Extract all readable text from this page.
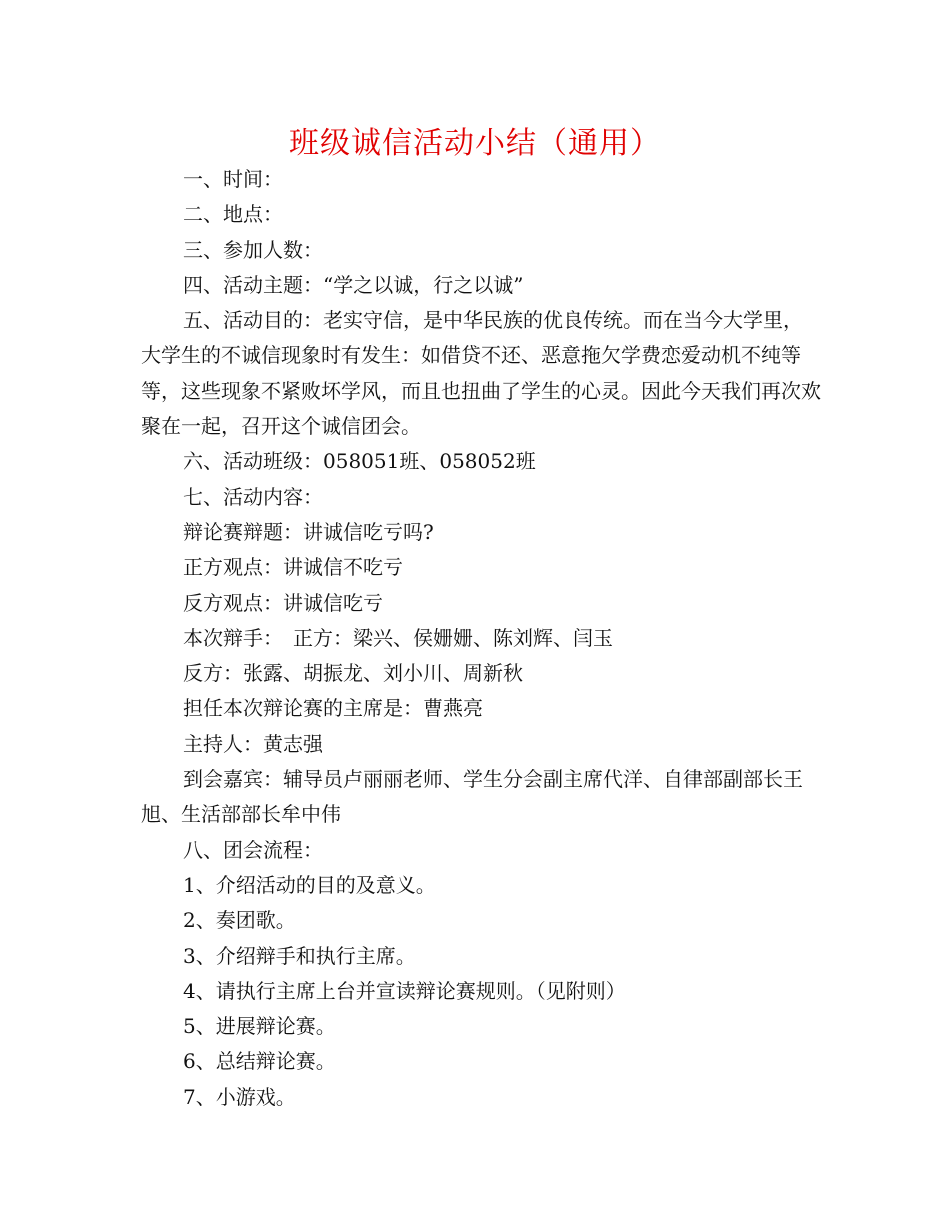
班级诚信活动小结（通用）

一、时间：

二、地点：

三、参加人数：

四、活动主题：“学之以诚，行之以诚”

五、活动目的：老实守信，是中华民族的优良传统。而在当今大学里，大学生的不诚信现象时有发生：如借贷不还、恶意拖欠学费恋爱动机不纯等等，这些现象不紧败坏学风，而且也扭曲了学生的心灵。因此今天我们再次欢聚在一起，召开这个诚信团会。

六、活动班级：058051班、058052班

七、活动内容：

辩论赛辩题：讲诚信吃亏吗?

正方观点：讲诚信不吃亏

反方观点：讲诚信吃亏

本次辩手：　正方：梁兴、侯姗姗、陈刘辉、闫玉

反方：张露、胡振龙、刘小川、周新秋

担任本次辩论赛的主席是：曹燕亮

主持人：黄志强

到会嘉宾：辅导员卢丽丽老师、学生分会副主席代洋、自律部副部长王旭、生活部部长牟中伟

八、团会流程：

1、介绍活动的目的及意义。

2、奏团歌。

3、介绍辩手和执行主席。

4、请执行主席上台并宣读辩论赛规则。（见附则）

5、进展辩论赛。

6、总结辩论赛。

7、小游戏。
